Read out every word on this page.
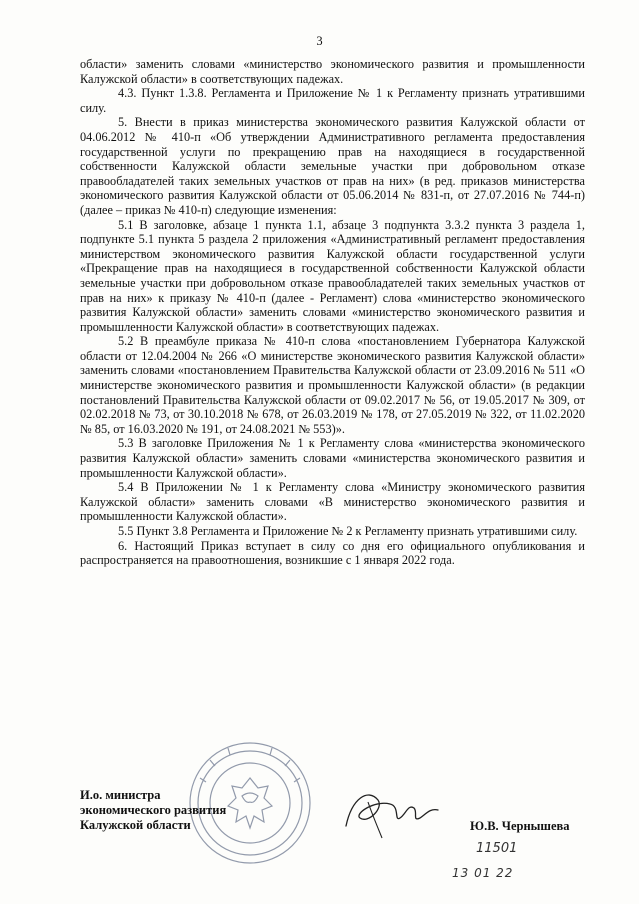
3

области» заменить словами «министерство экономического развития и промышленности Калужской области» в соответствующих падежах.

4.3. Пункт 1.3.8. Регламента и Приложение № 1 к Регламенту признать утратившими силу.

5. Внести в приказ министерства экономического развития Калужской области от 04.06.2012 № 410-п «Об утверждении Административного регламента предоставления государственной услуги по прекращению прав на находящиеся в государственной собственности Калужской области земельные участки при добровольном отказе правообладателей таких земельных участков от прав на них» (в ред. приказов министерства экономического развития Калужской области от 05.06.2014 № 831-п, от 27.07.2016 № 744-п) (далее – приказ № 410-п) следующие изменения:

5.1 В заголовке, абзаце 1 пункта 1.1, абзаце 3 подпункта 3.3.2 пункта 3 раздела 1, подпункте 5.1 пункта 5 раздела 2 приложения «Административный регламент предоставления министерством экономического развития Калужской области государственной услуги «Прекращение прав на находящиеся в государственной собственности Калужской области земельные участки при добровольном отказе правообладателей таких земельных участков от прав на них» к приказу № 410-п (далее - Регламент) слова «министерство экономического развития Калужской области» заменить словами «министерство экономического развития и промышленности Калужской области» в соответствующих падежах.

5.2 В преамбуле приказа № 410-п слова «постановлением Губернатора Калужской области от 12.04.2004 № 266 «О министерстве экономического развития Калужской области» заменить словами «постановлением Правительства Калужской области от 23.09.2016 № 511 «О министерстве экономического развития и промышленности Калужской области» (в редакции постановлений Правительства Калужской области от 09.02.2017 № 56, от 19.05.2017 № 309, от 02.02.2018 № 73, от 30.10.2018 № 678, от 26.03.2019 № 178, от 27.05.2019 № 322, от 11.02.2020 № 85, от 16.03.2020 № 191, от 24.08.2021 № 553)».

5.3 В заголовке Приложения № 1 к Регламенту слова «министерства экономического развития Калужской области» заменить словами «министерства экономического развития и промышленности Калужской области».

5.4 В Приложении № 1 к Регламенту слова «Министру экономического развития Калужской области» заменить словами «В министерство экономического развития и промышленности Калужской области».

5.5 Пункт 3.8 Регламента и Приложение № 2 к Регламенту признать утратившими силу.

6. Настоящий Приказ вступает в силу со дня его официального опубликования и распространяется на правоотношения, возникшие с 1 января 2022 года.

И.о. министра
экономического развития
Калужской области	Ю.В. Чернышева
11501
13 01 22
